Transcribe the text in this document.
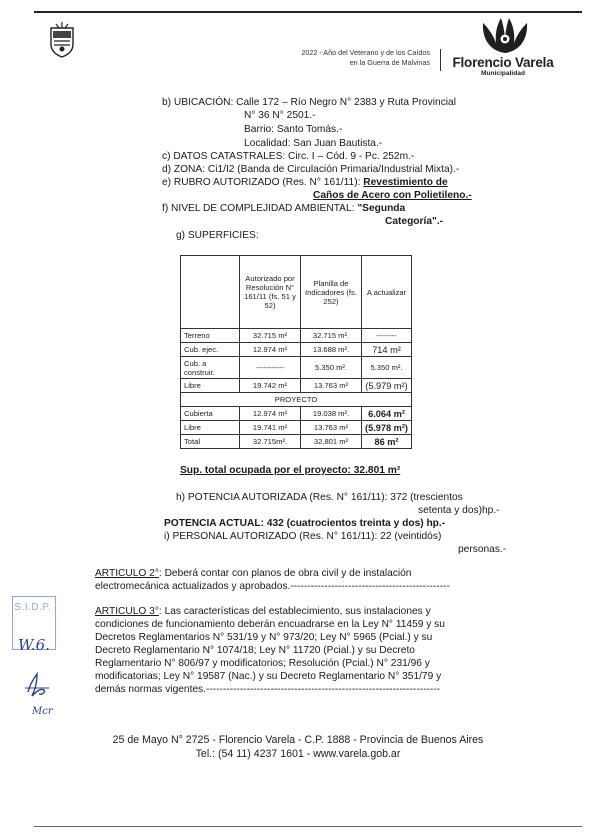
2022 - Año del Veterano y de los Caídos
en la Guerra de Malvinas	Florencio Varela
Municipalidad
b) UBICACIÓN: Calle 172 – Río Negro N° 2383 y Ruta Provincial
N° 36 N° 2501.-
Barrio: Santo Tomás.-
Localidad: San Juan Bautista.-
c) DATOS CATASTRALES: Circ. I – Cód. 9 - Pc. 252m.-
d) ZONA: Ci1/I2 (Banda de Circulación Primaria/Industrial Mixta).-
e) RUBRO AUTORIZADO (Res. N° 161/11): Revestimiento de
Caños de Acero con Polietileno.-
f) NIVEL DE COMPLEJIDAD AMBIENTAL: "Segunda
Categoría".-
g) SUPERFICIES:
	Autorizado por Resolución N° 161/11 (fs. 51 y 52)	Planilla de Indicadores (fs. 252)	A actualizar
Terreno	32.715 m²	32.715 m².	--------
Cub. ejec.	12.974 m²	13.688 m².	714 m²
Cub. a construir.	-----------	5.350 m².	5.350 m².
Libre	19.742 m²	13.763 m²	(5.979 m²)
PROYECTO			
Cubierta	12.974 m²	19.038 m².	6.064 m²
Libre	19.741 m²	13.763 m²	(5.978 m²)
Total	32.715m².	32.801 m²	86 m²
Sup. total ocupada por el proyecto: 32.801 m²
h) POTENCIA AUTORIZADA (Res. N° 161/11): 372 (trescientos
setenta y dos)hp.-
POTENCIA ACTUAL: 432 (cuatrocientos treinta y dos) hp.-
i) PERSONAL AUTORIZADO (Res. N° 161/11): 22 (veintidós)
personas.-
ARTICULO 2°: Deberá contar con planos de obra civil y de instalación
electromecánica actualizados y aprobados.-----------------------------------------------
ARTICULO 3°: Las características del establecimiento, sus instalaciones y
condiciones de funcionamiento deberán encuadrarse en la Ley N° 11459 y su
Decretos Reglamentarios N° 531/19 y N° 973/20; Ley N° 5965 (Pcial.) y su
Decreto Reglamentario N° 1074/18; Ley N° 11720 (Pcial.) y su Decreto
Reglamentario N° 806/97 y modificatorios; Resolución (Pcial.) N° 231/96 y
modificatorias; Ley N° 19587 (Nac.) y su Decreto Reglamentario N° 351/79 y
demás normas vigentes.---------------------------------------------------------------------
S.I.D.P.
W.6.
Mcr
25 de Mayo N° 2725 - Florencio Varela - C.P. 1888 - Provincia de Buenos Aires
Tel.: (54 11) 4237 1601 - www.varela.gob.ar
